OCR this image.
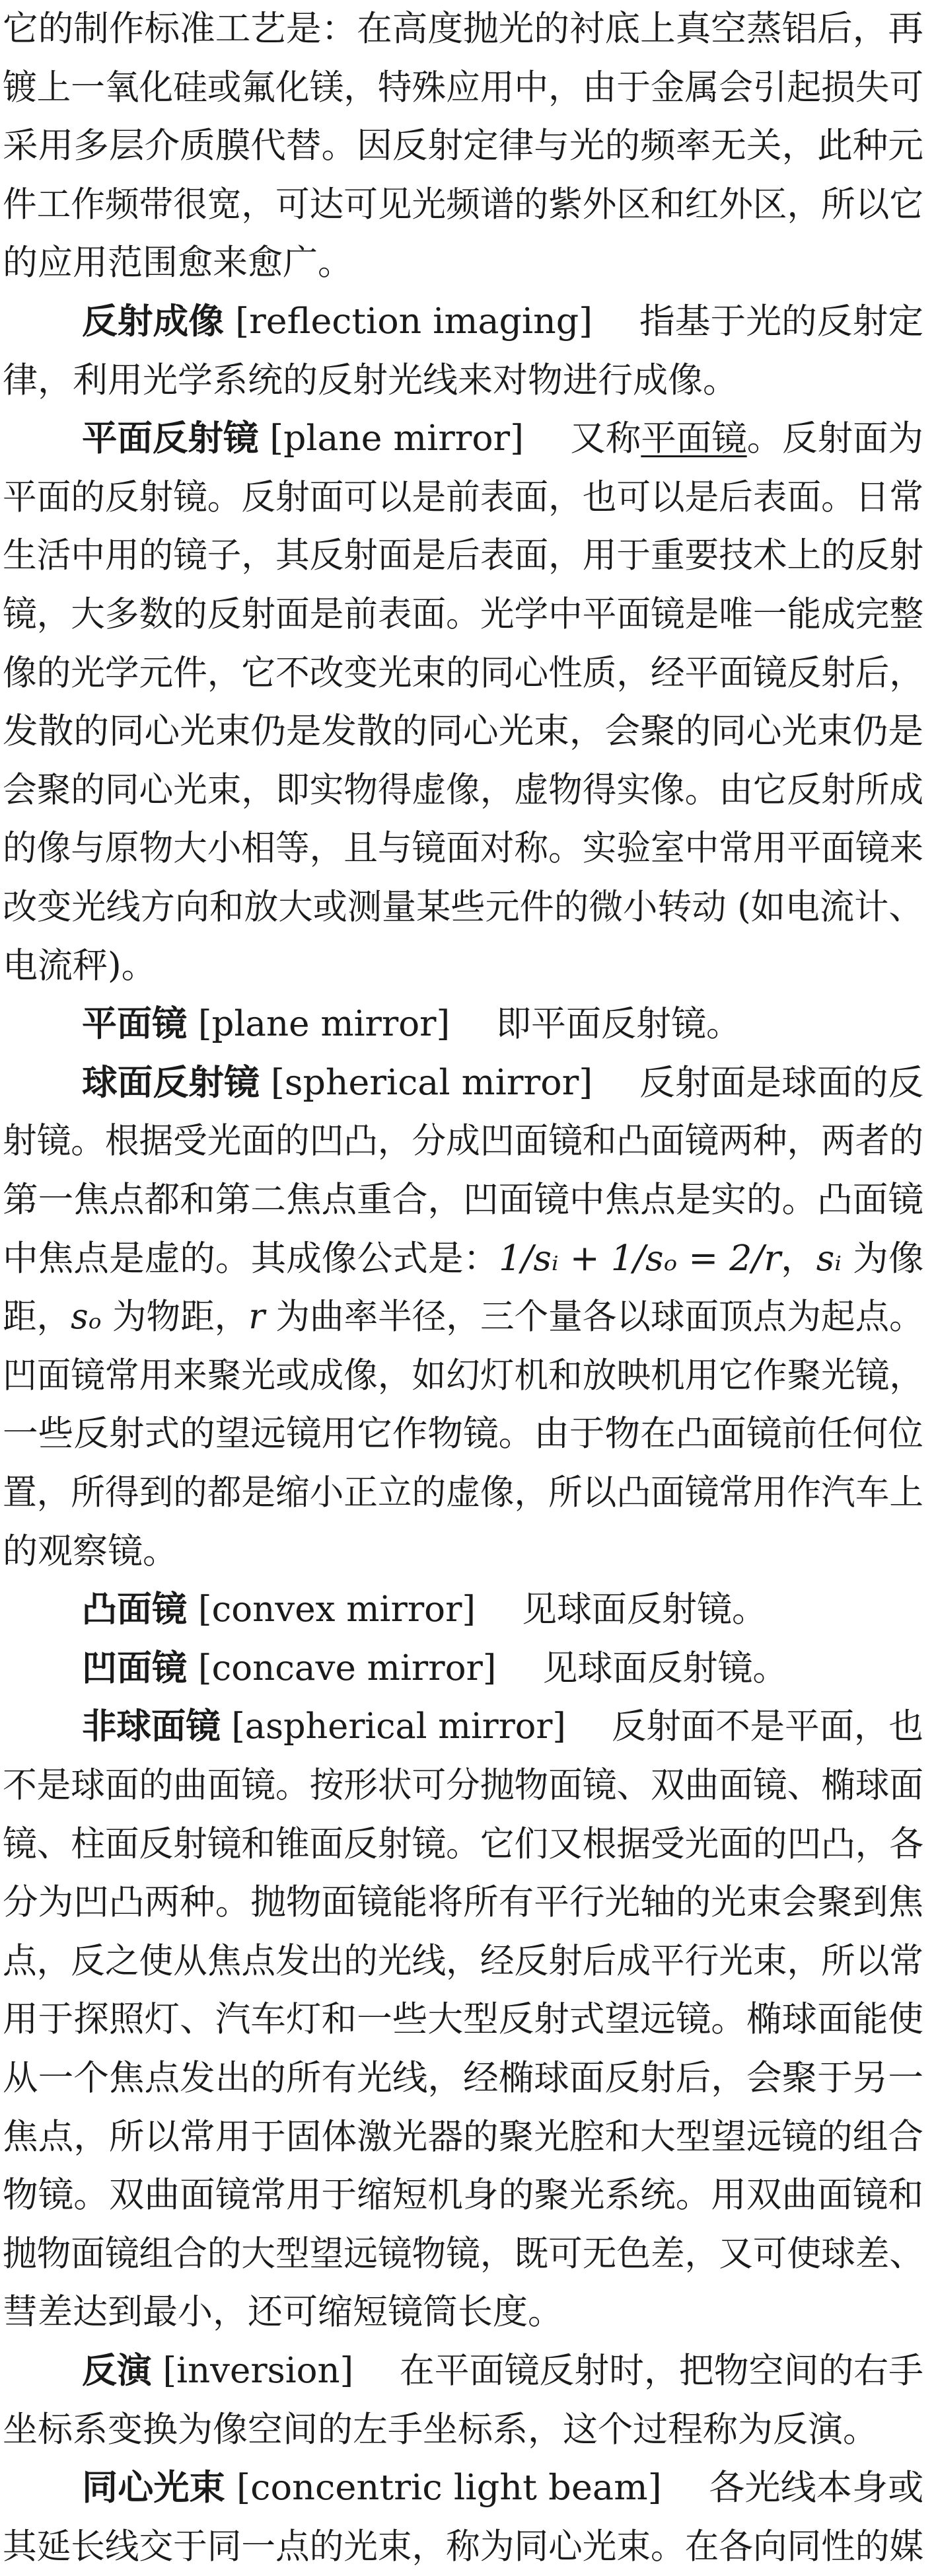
它的制作标准工艺是：在高度抛光的衬底上真空蒸铝后，再
镀上一氧化硅或氟化镁，特殊应用中，由于金属会引起损失可
采用多层介质膜代替。因反射定律与光的频率无关，此种元
件工作频带很宽，可达可见光频谱的紫外区和红外区，所以它
的应用范围愈来愈广。
反射成像 [reflection imaging]　 指基于光的反射定
律，利用光学系统的反射光线来对物进行成像。
平面反射镜 [plane mirror]　 又称平面镜。反射面为
平面的反射镜。反射面可以是前表面，也可以是后表面。日常
生活中用的镜子，其反射面是后表面，用于重要技术上的反射
镜，大多数的反射面是前表面。光学中平面镜是唯一能成完整
像的光学元件，它不改变光束的同心性质，经平面镜反射后，
发散的同心光束仍是发散的同心光束，会聚的同心光束仍是
会聚的同心光束，即实物得虚像，虚物得实像。由它反射所成
的像与原物大小相等，且与镜面对称。实验室中常用平面镜来
改变光线方向和放大或测量某些元件的微小转动 (如电流计、
电流秤)。
平面镜 [plane mirror]　 即平面反射镜。
球面反射镜 [spherical mirror]　 反射面是球面的反
射镜。根据受光面的凹凸，分成凹面镜和凸面镜两种，两者的
第一焦点都和第二焦点重合，凹面镜中焦点是实的。凸面镜
中焦点是虚的。其成像公式是：1/sᵢ + 1/sₒ = 2/r，sᵢ 为像
距，sₒ 为物距，r 为曲率半径，三个量各以球面顶点为起点。
凹面镜常用来聚光或成像，如幻灯机和放映机用它作聚光镜，
一些反射式的望远镜用它作物镜。由于物在凸面镜前任何位
置，所得到的都是缩小正立的虚像，所以凸面镜常用作汽车上
的观察镜。
凸面镜 [convex mirror]　 见球面反射镜。
凹面镜 [concave mirror]　 见球面反射镜。
非球面镜 [aspherical mirror]　 反射面不是平面，也
不是球面的曲面镜。按形状可分抛物面镜、双曲面镜、椭球面
镜、柱面反射镜和锥面反射镜。它们又根据受光面的凹凸，各
分为凹凸两种。抛物面镜能将所有平行光轴的光束会聚到焦
点，反之使从焦点发出的光线，经反射后成平行光束，所以常
用于探照灯、汽车灯和一些大型反射式望远镜。椭球面能使
从一个焦点发出的所有光线，经椭球面反射后，会聚于另一
焦点，所以常用于固体激光器的聚光腔和大型望远镜的组合
物镜。双曲面镜常用于缩短机身的聚光系统。用双曲面镜和
抛物面镜组合的大型望远镜物镜，既可无色差，又可使球差、
彗差达到最小，还可缩短镜筒长度。
反演 [inversion]　 在平面镜反射时，把物空间的右手
坐标系变换为像空间的左手坐标系，这个过程称为反演。
同心光束 [concentric light beam]　 各光线本身或
其延长线交于同一点的光束，称为同心光束。在各向同性的媒
